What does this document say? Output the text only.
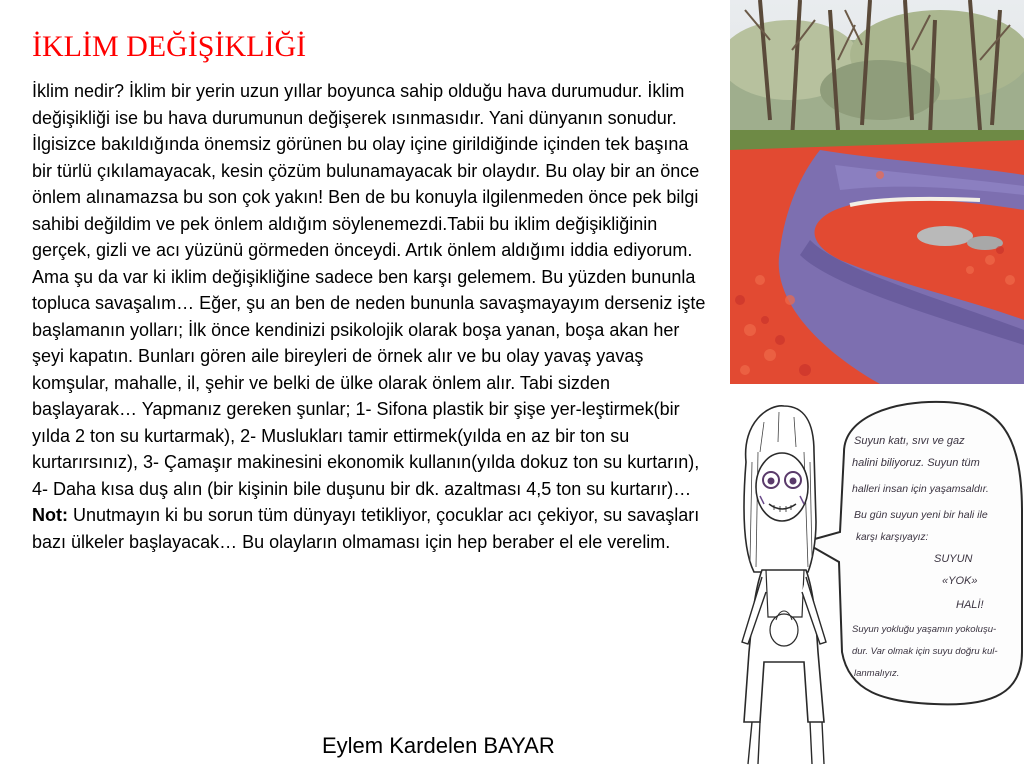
İKLİM DEĞİŞİKLİĞİ
İklim nedir? İklim bir yerin uzun yıllar boyunca sahip olduğu hava durumudur. İklim değişikliği ise bu hava durumunun değişerek ısınmasıdır. Yani dünyanın sonudur. İlgisizce bakıldığında önemsiz görünen bu olay içine girildiğinde içinden tek başına bir türlü çıkılamayacak, kesin çözüm bulunamayacak bir olaydır. Bu olay bir an önce önlem alınamazsa bu son çok yakın! Ben de bu konuyla ilgilenmeden önce pek bilgi sahibi değildim ve pek önlem aldığım söylenemezdi.Tabii bu iklim değişikliğinin gerçek, gizli ve acı yüzünü görmeden önceydi. Artık önlem aldığımı iddia ediyorum. Ama şu da var ki iklim değişikliğine sadece ben karşı gelemem. Bu yüzden bununla topluca savaşalım… Eğer, şu an ben de neden bununla savaşmayayım derseniz işte başlamanın yolları; İlk önce kendinizi psikolojik olarak boşa yanan, boşa akan her şeyi kapatın. Bunları gören aile bireyleri de örnek alır ve bu olay yavaş yavaş komşular, mahalle, il, şehir ve belki de ülke olarak önlem alır. Tabi sizden başlayarak… Yapmanız gereken şunlar; 1- Sifona plastik bir şişe yer-leştirmek(bir yılda 2 ton su kurtarmak), 2- Muslukları tamir ettirmek(yılda en az bir ton su kurtarırsınız), 3- Çamaşır makinesini ekonomik kullanın(yılda dokuz ton su kurtarın), 4- Daha kısa duş alın (bir kişinin bile duşunu bir dk. azaltması 4,5 ton su kurtarır)… Not: Unutmayın ki bu sorun tüm dünyayı tetikliyor, çocuklar acı çekiyor, su savaşları bazı ülkeler başlayacak… Bu olayların olmaması için hep beraber el ele verelim.
Eylem Kardelen BAYAR
Suyun katı, sıvı ve gaz
halini biliyoruz. Suyun tüm
halleri insan için yaşamsaldır.
Bu gün suyun yeni bir hali ile
karşı karşıyayız:
SUYUN
«YOK»
HALİ!
Suyun yokluğu yaşamın yokoluşu-
dur. Var olmak için suyu doğru kul-
lanmalıyız.
